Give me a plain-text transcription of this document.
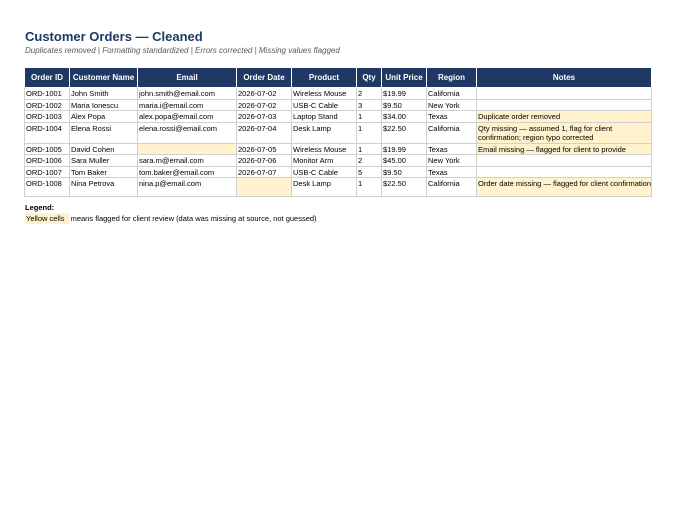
Customer Orders — Cleaned
Duplicates removed | Formatting standardized | Errors corrected | Missing values flagged
Order ID	Customer Name	Email	Order Date	Product	Qty	Unit Price	Region	Notes
ORD-1001	John Smith	john.smith@email.com	2026-07-02	Wireless Mouse	2	$19.99	California	
ORD-1002	Maria Ionescu	maria.i@email.com	2026-07-02	USB-C Cable	3	$9.50	New York	
ORD-1003	Alex Popa	alex.popa@email.com	2026-07-03	Laptop Stand	1	$34.00	Texas	Duplicate order removed
ORD-1004	Elena Rossi	elena.rossi@email.com	2026-07-04	Desk Lamp	1	$22.50	California	Qty missing — assumed 1, flag for client confirmation; region typo corrected
ORD-1005	David Cohen		2026-07-05	Wireless Mouse	1	$19.99	Texas	Email missing — flagged for client to provide
ORD-1006	Sara Muller	sara.m@email.com	2026-07-06	Monitor Arm	2	$45.00	New York	
ORD-1007	Tom Baker	tom.baker@email.com	2026-07-07	USB-C Cable	5	$9.50	Texas	
ORD-1008	Nina Petrova	nina.p@email.com		Desk Lamp	1	$22.50	California	Order date missing — flagged for client confirmation
Legend:
Yellow cells means flagged for client review (data was missing at source, not guessed)
